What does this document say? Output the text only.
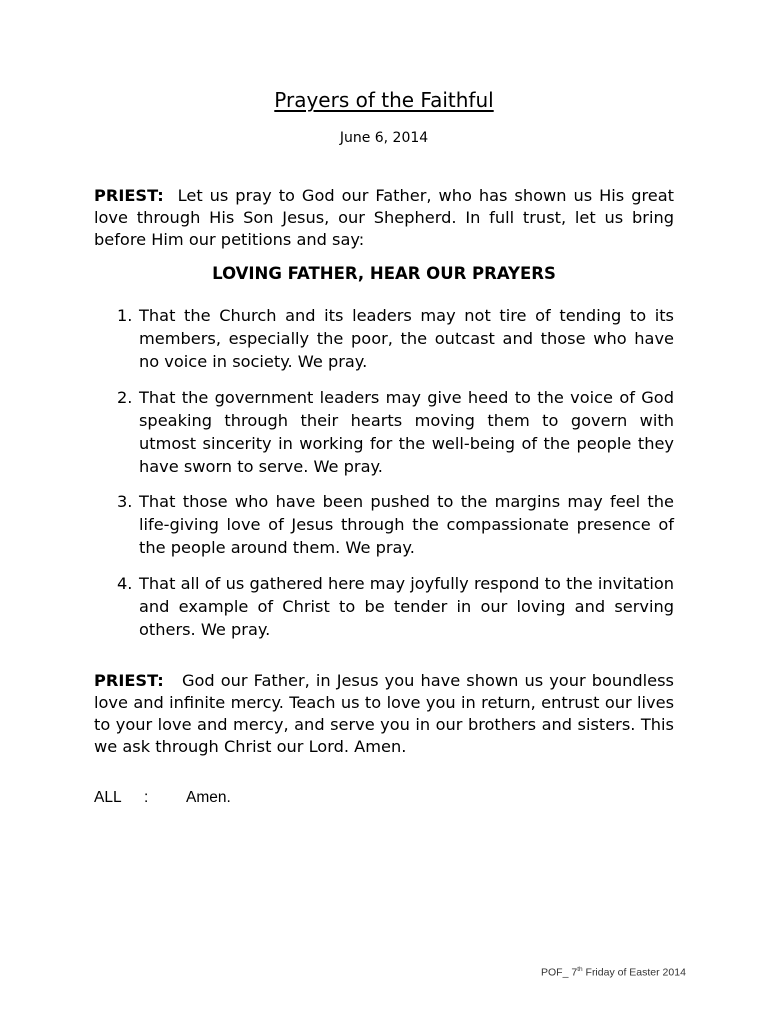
Prayers of the Faithful
June 6, 2014
PRIEST: Let us pray to God our Father, who has shown us His great love through His Son Jesus, our Shepherd. In full trust, let us bring before Him our petitions and say:
LOVING FATHER, HEAR OUR PRAYERS
1. That the Church and its leaders may not tire of tending to its members, especially the poor, the outcast and those who have no voice in society. We pray.
2. That the government leaders may give heed to the voice of God speaking through their hearts moving them to govern with utmost sincerity in working for the well-being of the people they have sworn to serve. We pray.
3. That those who have been pushed to the margins may feel the life-giving love of Jesus through the compassionate presence of the people around them. We pray.
4. That all of us gathered here may joyfully respond to the invitation and example of Christ to be tender in our loving and serving others. We pray.
PRIEST: God our Father, in Jesus you have shown us your boundless love and infinite mercy. Teach us to love you in return, entrust our lives to your love and mercy, and serve you in our brothers and sisters. This we ask through Christ our Lord. Amen.
ALL : Amen.
POF_ 7th Friday of Easter 2014
